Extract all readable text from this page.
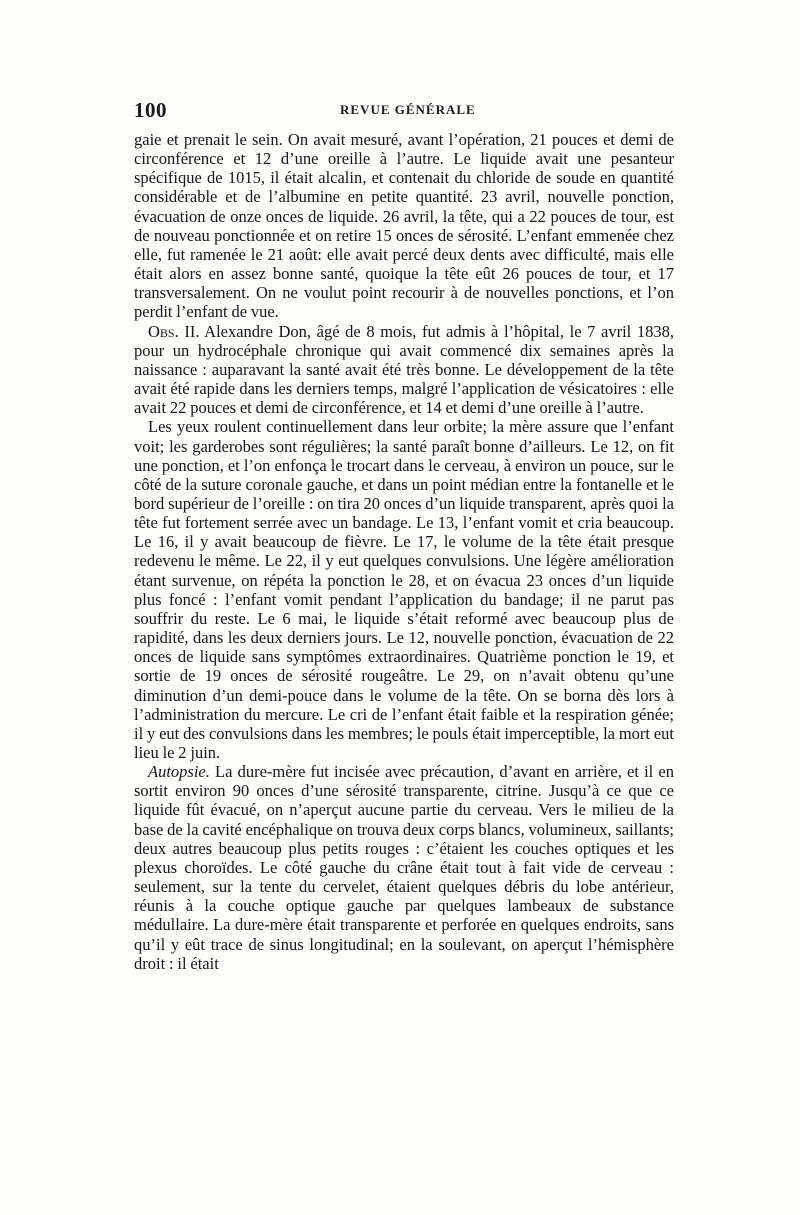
100	REVUE GÉNÉRALE

gaie et prenait le sein. On avait mesuré, avant l’opération, 21 pouces et demi de circonférence et 12 d’une oreille à l’autre. Le liquide avait une pesanteur spécifique de 1015, il était alcalin, et contenait du chloride de soude en quantité considérable et de l’albumine en petite quantité. 23 avril, nouvelle ponction, évacuation de onze onces de liquide. 26 avril, la tête, qui a 22 pouces de tour, est de nouveau ponctionnée et on retire 15 onces de sérosité. L’enfant emmenée chez elle, fut ramenée le 21 août: elle avait percé deux dents avec difficulté, mais elle était alors en assez bonne santé, quoique la tête eût 26 pouces de tour, et 17 transversalement. On ne voulut point recourir à de nouvelles ponctions, et l’on perdit l’enfant de vue.

Obs. II. Alexandre Don, âgé de 8 mois, fut admis à l’hôpital, le 7 avril 1838, pour un hydrocéphale chronique qui avait commencé dix semaines après la naissance : auparavant la santé avait été très bonne. Le développement de la tête avait été rapide dans les derniers temps, malgré l’application de vésicatoires : elle avait 22 pouces et demi de circonférence, et 14 et demi d’une oreille à l’autre.

Les yeux roulent continuellement dans leur orbite; la mère assure que l’enfant voit; les garderobes sont régulières; la santé paraît bonne d’ailleurs. Le 12, on fit une ponction, et l’on enfonça le trocart dans le cerveau, à environ un pouce, sur le côté de la suture coronale gauche, et dans un point médian entre la fontanelle et le bord supérieur de l’oreille : on tira 20 onces d’un liquide transparent, après quoi la tête fut fortement serrée avec un bandage. Le 13, l’enfant vomit et cria beaucoup. Le 16, il y avait beaucoup de fièvre. Le 17, le volume de la tête était presque redevenu le même. Le 22, il y eut quelques convulsions. Une légère amélioration étant survenue, on répéta la ponction le 28, et on évacua 23 onces d’un liquide plus foncé : l’enfant vomit pendant l’application du bandage; il ne parut pas souffrir du reste. Le 6 mai, le liquide s’était reformé avec beaucoup plus de rapidité, dans les deux derniers jours. Le 12, nouvelle ponction, évacuation de 22 onces de liquide sans symptômes extraordinaires. Quatrième ponction le 19, et sortie de 19 onces de sérosité rougeâtre. Le 29, on n’avait obtenu qu’une diminution d’un demi-pouce dans le volume de la tête. On se borna dès lors à l’administration du mercure. Le cri de l’enfant était faible et la respiration génée; il y eut des convulsions dans les membres; le pouls était imperceptible, la mort eut lieu le 2 juin.

Autopsie. La dure-mère fut incisée avec précaution, d’avant en arrière, et il en sortit environ 90 onces d’une sérosité transparente, citrine. Jusqu’à ce que ce liquide fût évacué, on n’aperçut aucune partie du cerveau. Vers le milieu de la base de la cavité encéphalique on trouva deux corps blancs, volumineux, saillants; deux autres beaucoup plus petits rouges : c’étaient les couches optiques et les plexus choroïdes. Le côté gauche du crâne était tout à fait vide de cerveau : seulement, sur la tente du cervelet, étaient quelques débris du lobe antérieur, réunis à la couche optique gauche par quelques lambeaux de substance médullaire. La dure-mère était transparente et perforée en quelques endroits, sans qu’il y eût trace de sinus longitudinal; en la soulevant, on aperçut l’hémisphère droit : il était
